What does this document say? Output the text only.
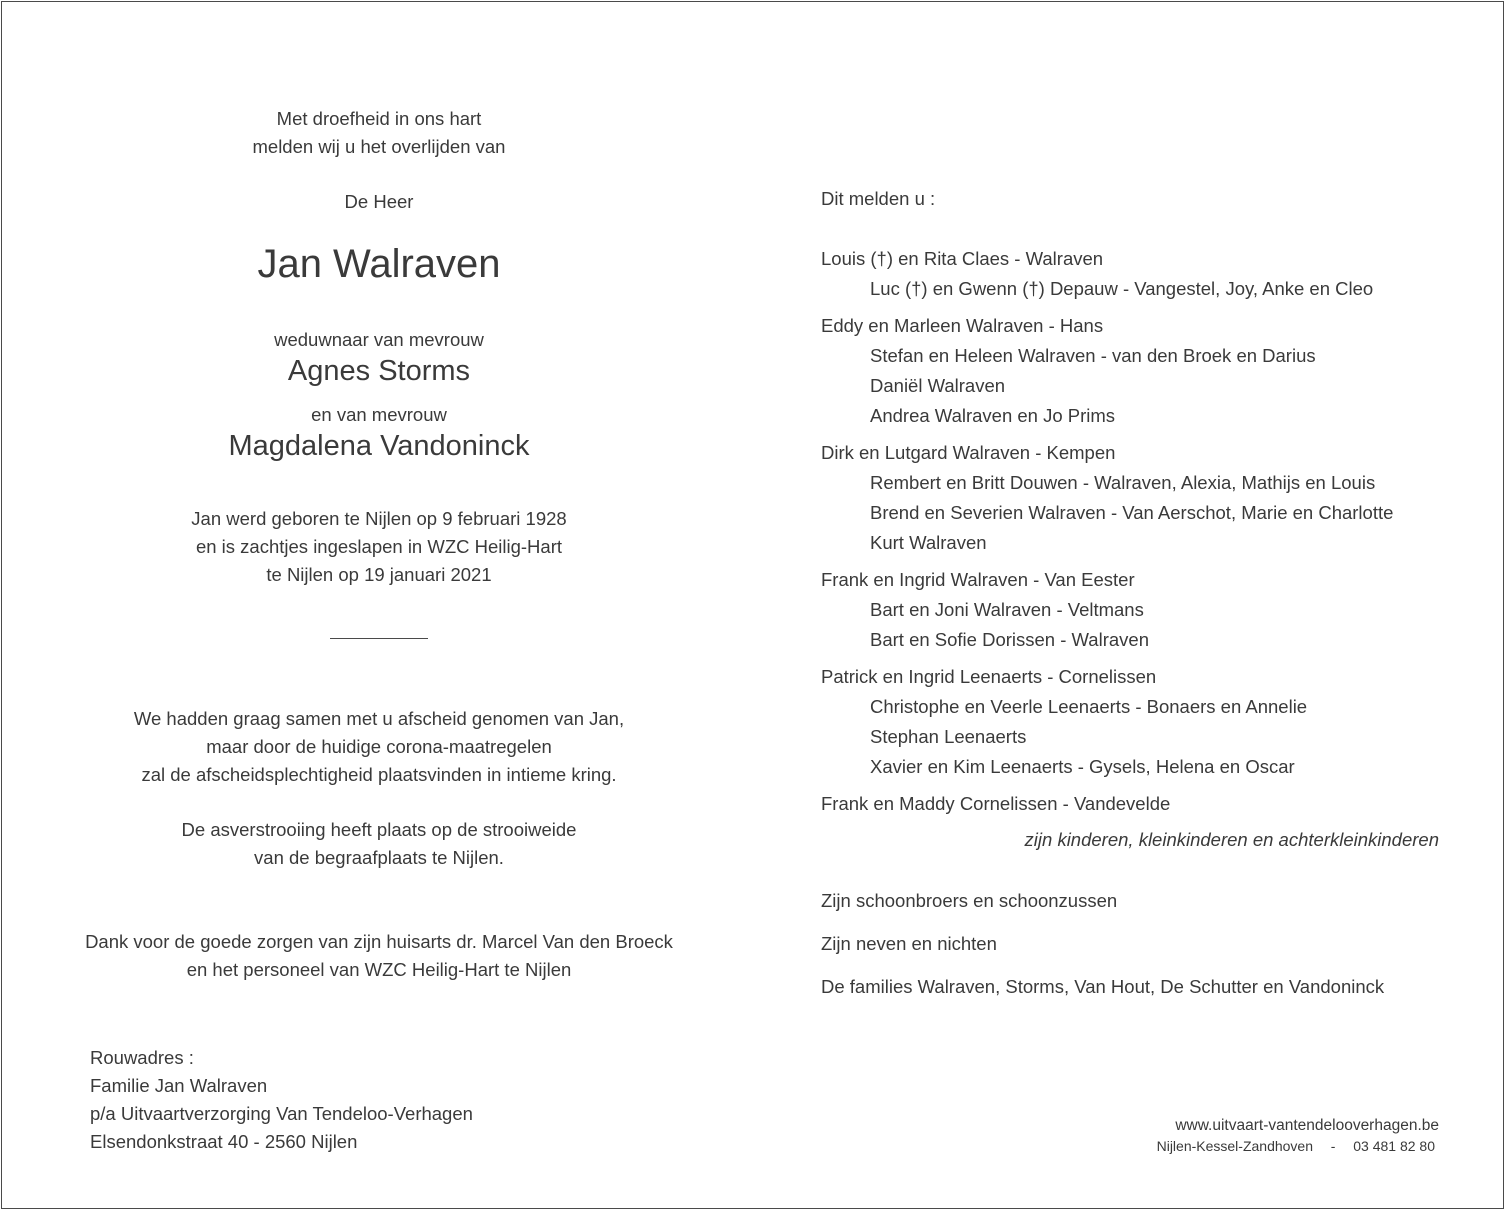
Met droefheid in ons hart
melden wij u het overlijden van
De Heer
Jan Walraven
weduwnaar van mevrouw
Agnes Storms
en van mevrouw
Magdalena Vandoninck
Jan werd geboren te Nijlen op 9 februari 1928
en is zachtjes ingeslapen in WZC Heilig-Hart
te Nijlen op 19 januari 2021
We hadden graag samen met u afscheid genomen van Jan,
maar door de huidige corona-maatregelen
zal de afscheidsplechtigheid plaatsvinden in intieme kring.
De asverstrooiing heeft plaats op de strooiweide
van de begraafplaats te Nijlen.
Dank voor de goede zorgen van zijn huisarts dr. Marcel Van den Broeck
en het personeel van WZC Heilig-Hart te Nijlen
Rouwadres :
Familie Jan Walraven
p/a Uitvaartverzorging Van Tendeloo-Verhagen
Elsendonkstraat 40 - 2560 Nijlen
Dit melden u :
Louis (†) en Rita Claes - Walraven
Luc (†) en Gwenn (†) Depauw - Vangestel, Joy, Anke en Cleo
Eddy en Marleen Walraven - Hans
Stefan en Heleen Walraven - van den Broek en Darius
Daniël Walraven
Andrea Walraven en Jo Prims
Dirk en Lutgard Walraven - Kempen
Rembert en Britt Douwen - Walraven, Alexia, Mathijs en Louis
Brend en Severien Walraven - Van Aerschot, Marie en Charlotte
Kurt Walraven
Frank en Ingrid Walraven - Van Eester
Bart en Joni Walraven - Veltmans
Bart en Sofie Dorissen - Walraven
Patrick en Ingrid Leenaerts - Cornelissen
Christophe en Veerle Leenaerts - Bonaers en Annelie
Stephan Leenaerts
Xavier en Kim Leenaerts - Gysels, Helena en Oscar
Frank en Maddy Cornelissen - Vandevelde
zijn kinderen, kleinkinderen en achterkleinkinderen
Zijn schoonbroers en schoonzussen
Zijn neven en nichten
De families Walraven, Storms, Van Hout, De Schutter en Vandoninck
www.uitvaart-vantendelooverhagen.be
Nijlen-Kessel-Zandhoven - 03 481 82 80
